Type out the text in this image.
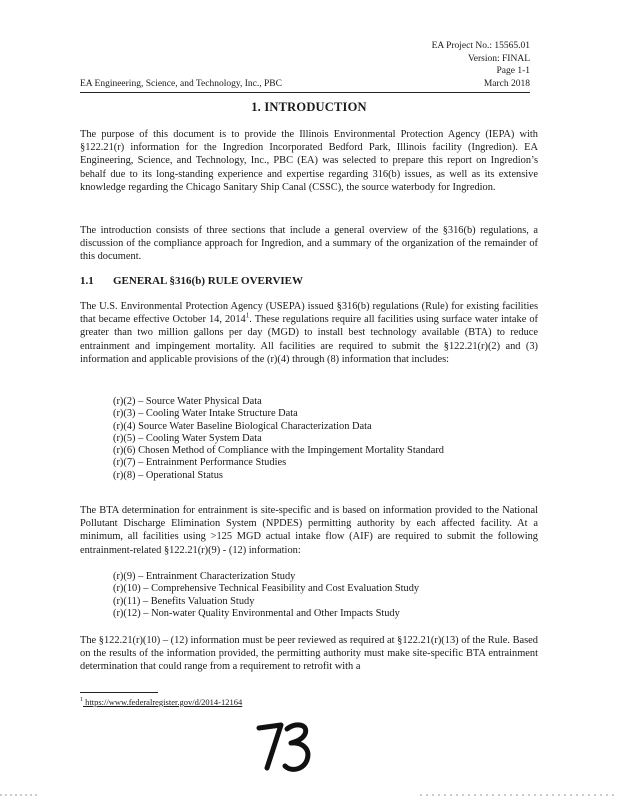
EA Project No.: 15565.01
Version: FINAL
Page 1-1
EA Engineering, Science, and Technology, Inc., PBC	March 2018
1. INTRODUCTION

The purpose of this document is to provide the Illinois Environmental Protection Agency (IEPA) with §122.21(r) information for the Ingredion Incorporated Bedford Park, Illinois facility (Ingredion). EA Engineering, Science, and Technology, Inc., PBC (EA) was selected to prepare this report on Ingredion’s behalf due to its long-standing experience and expertise regarding 316(b) issues, as well as its extensive knowledge regarding the Chicago Sanitary Ship Canal (CSSC), the source waterbody for Ingredion.

The introduction consists of three sections that include a general overview of the §316(b) regulations, a discussion of the compliance approach for Ingredion, and a summary of the organization of the remainder of this document.

1.1 GENERAL §316(b) RULE OVERVIEW

The U.S. Environmental Protection Agency (USEPA) issued §316(b) regulations (Rule) for existing facilities that became effective October 14, 2014$^1$. These regulations require all facilities using surface water intake of greater than two million gallons per day (MGD) to install best technology available (BTA) to reduce entrainment and impingement mortality. All facilities are required to submit the §122.21(r)(2) and (3) information and applicable provisions of the (r)(4) through (8) information that includes:

(r)(2) – Source Water Physical Data
(r)(3) – Cooling Water Intake Structure Data
(r)(4) Source Water Baseline Biological Characterization Data
(r)(5) – Cooling Water System Data
(r)(6) Chosen Method of Compliance with the Impingement Mortality Standard
(r)(7) – Entrainment Performance Studies
(r)(8) – Operational Status

The BTA determination for entrainment is site-specific and is based on information provided to the National Pollutant Discharge Elimination System (NPDES) permitting authority by each affected facility. At a minimum, all facilities using >125 MGD actual intake flow (AIF) are required to submit the following entrainment-related §122.21(r)(9) - (12) information:

(r)(9) – Entrainment Characterization Study
(r)(10) – Comprehensive Technical Feasibility and Cost Evaluation Study
(r)(11) – Benefits Valuation Study
(r)(12) – Non-water Quality Environmental and Other Impacts Study

The §122.21(r)(10) – (12) information must be peer reviewed as required at §122.21(r)(13) of the Rule. Based on the results of the information provided, the permitting authority must make site-specific BTA entrainment determination that could range from a requirement to retrofit with a

$^1$ https://www.federalregister.gov/d/2014-12164
